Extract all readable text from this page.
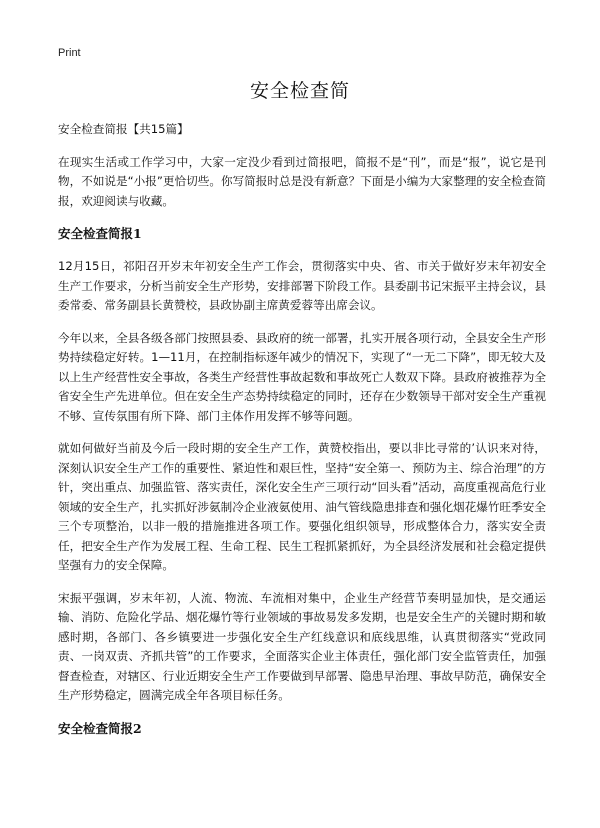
Print
安全检查简

安全检查简报【共15篇】

在现实生活或工作学习中，大家一定没少看到过简报吧，简报不是“刊”，而是“报”，说它是刊物，不如说是“小报”更恰切些。你写简报时总是没有新意？下面是小编为大家整理的安全检查简报，欢迎阅读与收藏。

安全检查简报1

12月15日，祁阳召开岁末年初安全生产工作会，贯彻落实中央、省、市关于做好岁末年初安全生产工作要求，分析当前安全生产形势，安排部署下阶段工作。县委副书记宋振平主持会议，县委常委、常务副县长黄赞校，县政协副主席黄爱蓉等出席会议。

今年以来，全县各级各部门按照县委、县政府的统一部署，扎实开展各项行动，全县安全生产形势持续稳定好转。1—11月，在控制指标逐年减少的情况下，实现了“一无二下降”，即无较大及以上生产经营性安全事故，各类生产经营性事故起数和事故死亡人数双下降。县政府被推荐为全省安全生产先进单位。但在安全生产态势持续稳定的同时，还存在少数领导干部对安全生产重视不够、宣传氛围有所下降、部门主体作用发挥不够等问题。

就如何做好当前及今后一段时期的安全生产工作，黄赞校指出，要以非比寻常的’认识来对待，深刻认识安全生产工作的重要性、紧迫性和艰巨性，坚持“安全第一、预防为主、综合治理”的方针，突出重点、加强监管、落实责任，深化安全生产三项行动“回头看”活动，高度重视高危行业领域的安全生产，扎实抓好涉氨制冷企业液氨使用、油气管线隐患排查和强化烟花爆竹旺季安全三个专项整治，以非一般的措施推进各项工作。要强化组织领导，形成整体合力，落实安全责任，把安全生产作为发展工程、生命工程、民生工程抓紧抓好，为全县经济发展和社会稳定提供坚强有力的安全保障。

宋振平强调，岁末年初，人流、物流、车流相对集中，企业生产经营节奏明显加快，是交通运输、消防、危险化学品、烟花爆竹等行业领域的事故易发多发期，也是安全生产的关键时期和敏感时期，各部门、各乡镇要进一步强化安全生产红线意识和底线思维，认真贯彻落实“党政同责、一岗双责、齐抓共管”的工作要求，全面落实企业主体责任，强化部门安全监管责任，加强督查检查，对辖区、行业近期安全生产工作要做到早部署、隐患早治理、事故早防范，确保安全生产形势稳定，圆满完成全年各项目标任务。

安全检查简报2
